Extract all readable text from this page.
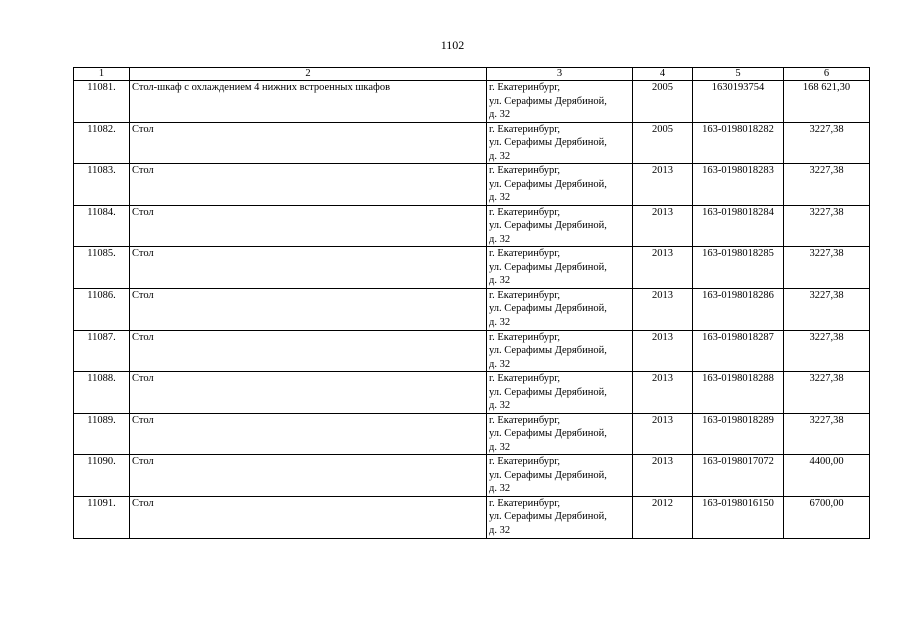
1102
1	2	3	4	5	6
11081.	Стол-шкаф с охлаждением 4 нижних встроенных шкафов	г. Екатеринбург,
ул. Серафимы Дерябиной,
д. 32	2005	1630193754	168 621,30
11082.	Стол	г. Екатеринбург,
ул. Серафимы Дерябиной,
д. 32	2005	163-0198018282	3227,38
11083.	Стол	г. Екатеринбург,
ул. Серафимы Дерябиной,
д. 32	2013	163-0198018283	3227,38
11084.	Стол	г. Екатеринбург,
ул. Серафимы Дерябиной,
д. 32	2013	163-0198018284	3227,38
11085.	Стол	г. Екатеринбург,
ул. Серафимы Дерябиной,
д. 32	2013	163-0198018285	3227,38
11086.	Стол	г. Екатеринбург,
ул. Серафимы Дерябиной,
д. 32	2013	163-0198018286	3227,38
11087.	Стол	г. Екатеринбург,
ул. Серафимы Дерябиной,
д. 32	2013	163-0198018287	3227,38
11088.	Стол	г. Екатеринбург,
ул. Серафимы Дерябиной,
д. 32	2013	163-0198018288	3227,38
11089.	Стол	г. Екатеринбург,
ул. Серафимы Дерябиной,
д. 32	2013	163-0198018289	3227,38
11090.	Стол	г. Екатеринбург,
ул. Серафимы Дерябиной,
д. 32	2013	163-0198017072	4400,00
11091.	Стол	г. Екатеринбург,
ул. Серафимы Дерябиной,
д. 32	2012	163-0198016150	6700,00
